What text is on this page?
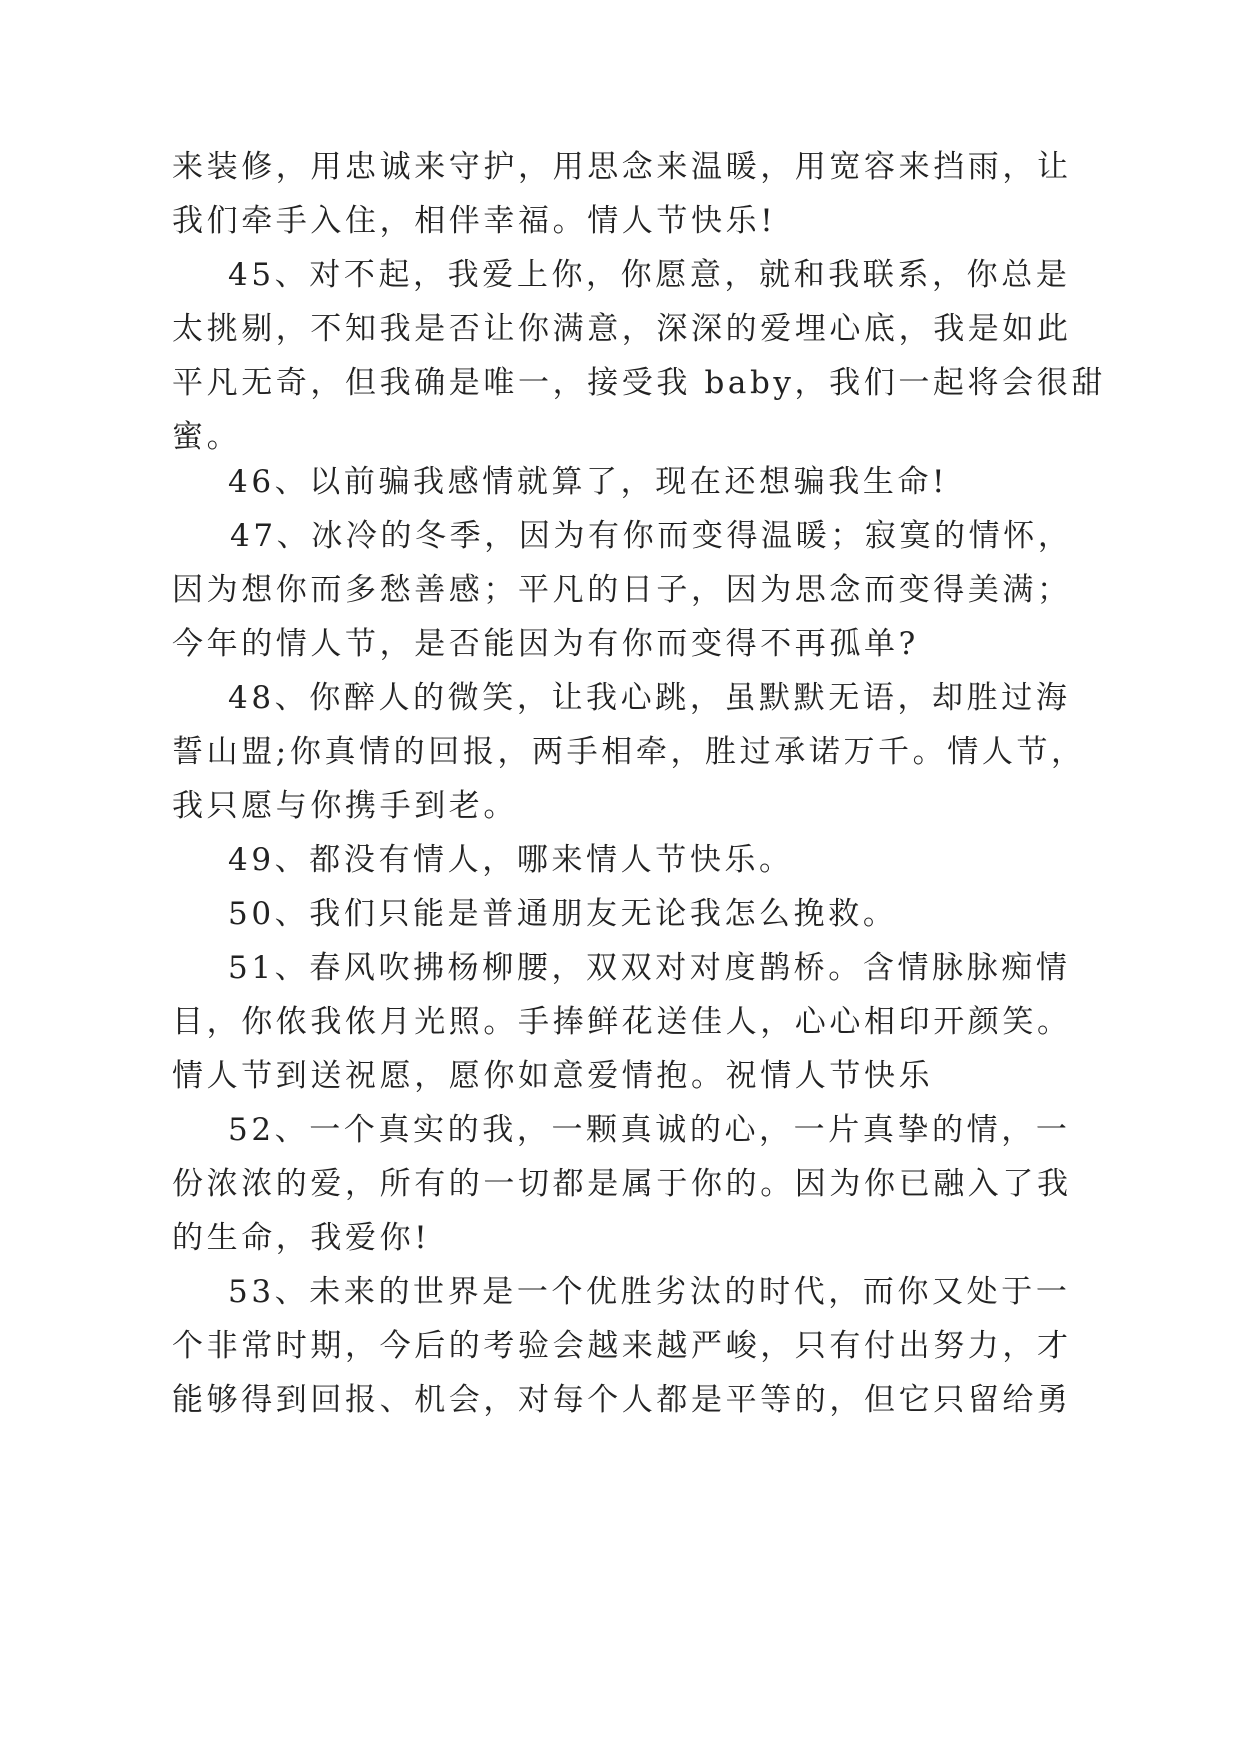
来装修，用忠诚来守护，用思念来温暖，用宽容来挡雨，让
我们牵手入住，相伴幸福。情人节快乐!
45、对不起，我爱上你，你愿意，就和我联系，你总是
太挑剔，不知我是否让你满意，深深的爱埋心底，我是如此
平凡无奇，但我确是唯一，接受我 baby，我们一起将会很甜
蜜。
46、以前骗我感情就算了，现在还想骗我生命!
47、冰冷的冬季，因为有你而变得温暖；寂寞的情怀，
因为想你而多愁善感；平凡的日子，因为思念而变得美满；
今年的情人节，是否能因为有你而变得不再孤单?
48、你醉人的微笑，让我心跳，虽默默无语，却胜过海
誓山盟;你真情的回报，两手相牵，胜过承诺万千。情人节，
我只愿与你携手到老。
49、都没有情人，哪来情人节快乐。
50、我们只能是普通朋友无论我怎么挽救。
51、春风吹拂杨柳腰，双双对对度鹊桥。含情脉脉痴情
目，你侬我侬月光照。手捧鲜花送佳人，心心相印开颜笑。
情人节到送祝愿，愿你如意爱情抱。祝情人节快乐
52、一个真实的我，一颗真诚的心，一片真挚的情，一
份浓浓的爱，所有的一切都是属于你的。因为你已融入了我
的生命，我爱你!
53、未来的世界是一个优胜劣汰的时代，而你又处于一
个非常时期，今后的考验会越来越严峻，只有付出努力，才
能够得到回报、机会，对每个人都是平等的，但它只留给勇
